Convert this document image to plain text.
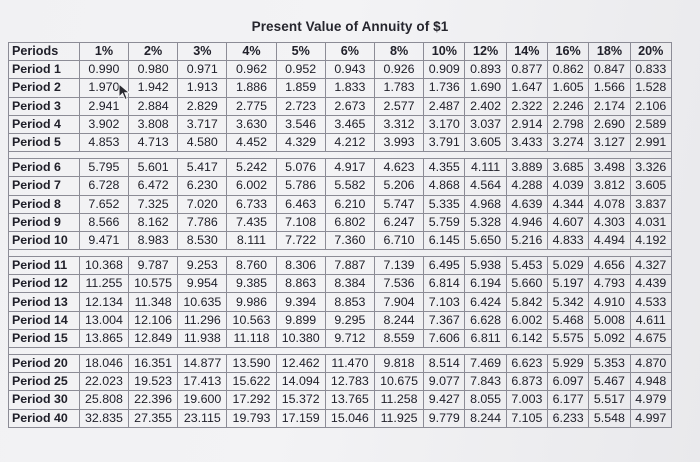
Present Value of Annuity of $1
Periods	1%	2%	3%	4%	5%	6%	8%	10%	12%	14%	16%	18%	20%
Period 1	0.990	0.980	0.971	0.962	0.952	0.943	0.926	0.909	0.893	0.877	0.862	0.847	0.833
Period 2	1.970	1.942	1.913	1.886	1.859	1.833	1.783	1.736	1.690	1.647	1.605	1.566	1.528
Period 3	2.941	2.884	2.829	2.775	2.723	2.673	2.577	2.487	2.402	2.322	2.246	2.174	2.106
Period 4	3.902	3.808	3.717	3.630	3.546	3.465	3.312	3.170	3.037	2.914	2.798	2.690	2.589
Period 5	4.853	4.713	4.580	4.452	4.329	4.212	3.993	3.791	3.605	3.433	3.274	3.127	2.991

Period 6	5.795	5.601	5.417	5.242	5.076	4.917	4.623	4.355	4.111	3.889	3.685	3.498	3.326
Period 7	6.728	6.472	6.230	6.002	5.786	5.582	5.206	4.868	4.564	4.288	4.039	3.812	3.605
Period 8	7.652	7.325	7.020	6.733	6.463	6.210	5.747	5.335	4.968	4.639	4.344	4.078	3.837
Period 9	8.566	8.162	7.786	7.435	7.108	6.802	6.247	5.759	5.328	4.946	4.607	4.303	4.031
Period 10	9.471	8.983	8.530	8.111	7.722	7.360	6.710	6.145	5.650	5.216	4.833	4.494	4.192

Period 11	10.368	9.787	9.253	8.760	8.306	7.887	7.139	6.495	5.938	5.453	5.029	4.656	4.327
Period 12	11.255	10.575	9.954	9.385	8.863	8.384	7.536	6.814	6.194	5.660	5.197	4.793	4.439
Period 13	12.134	11.348	10.635	9.986	9.394	8.853	7.904	7.103	6.424	5.842	5.342	4.910	4.533
Period 14	13.004	12.106	11.296	10.563	9.899	9.295	8.244	7.367	6.628	6.002	5.468	5.008	4.611
Period 15	13.865	12.849	11.938	11.118	10.380	9.712	8.559	7.606	6.811	6.142	5.575	5.092	4.675

Period 20	18.046	16.351	14.877	13.590	12.462	11.470	9.818	8.514	7.469	6.623	5.929	5.353	4.870
Period 25	22.023	19.523	17.413	15.622	14.094	12.783	10.675	9.077	7.843	6.873	6.097	5.467	4.948
Period 30	25.808	22.396	19.600	17.292	15.372	13.765	11.258	9.427	8.055	7.003	6.177	5.517	4.979
Period 40	32.835	27.355	23.115	19.793	17.159	15.046	11.925	9.779	8.244	7.105	6.233	5.548	4.997
